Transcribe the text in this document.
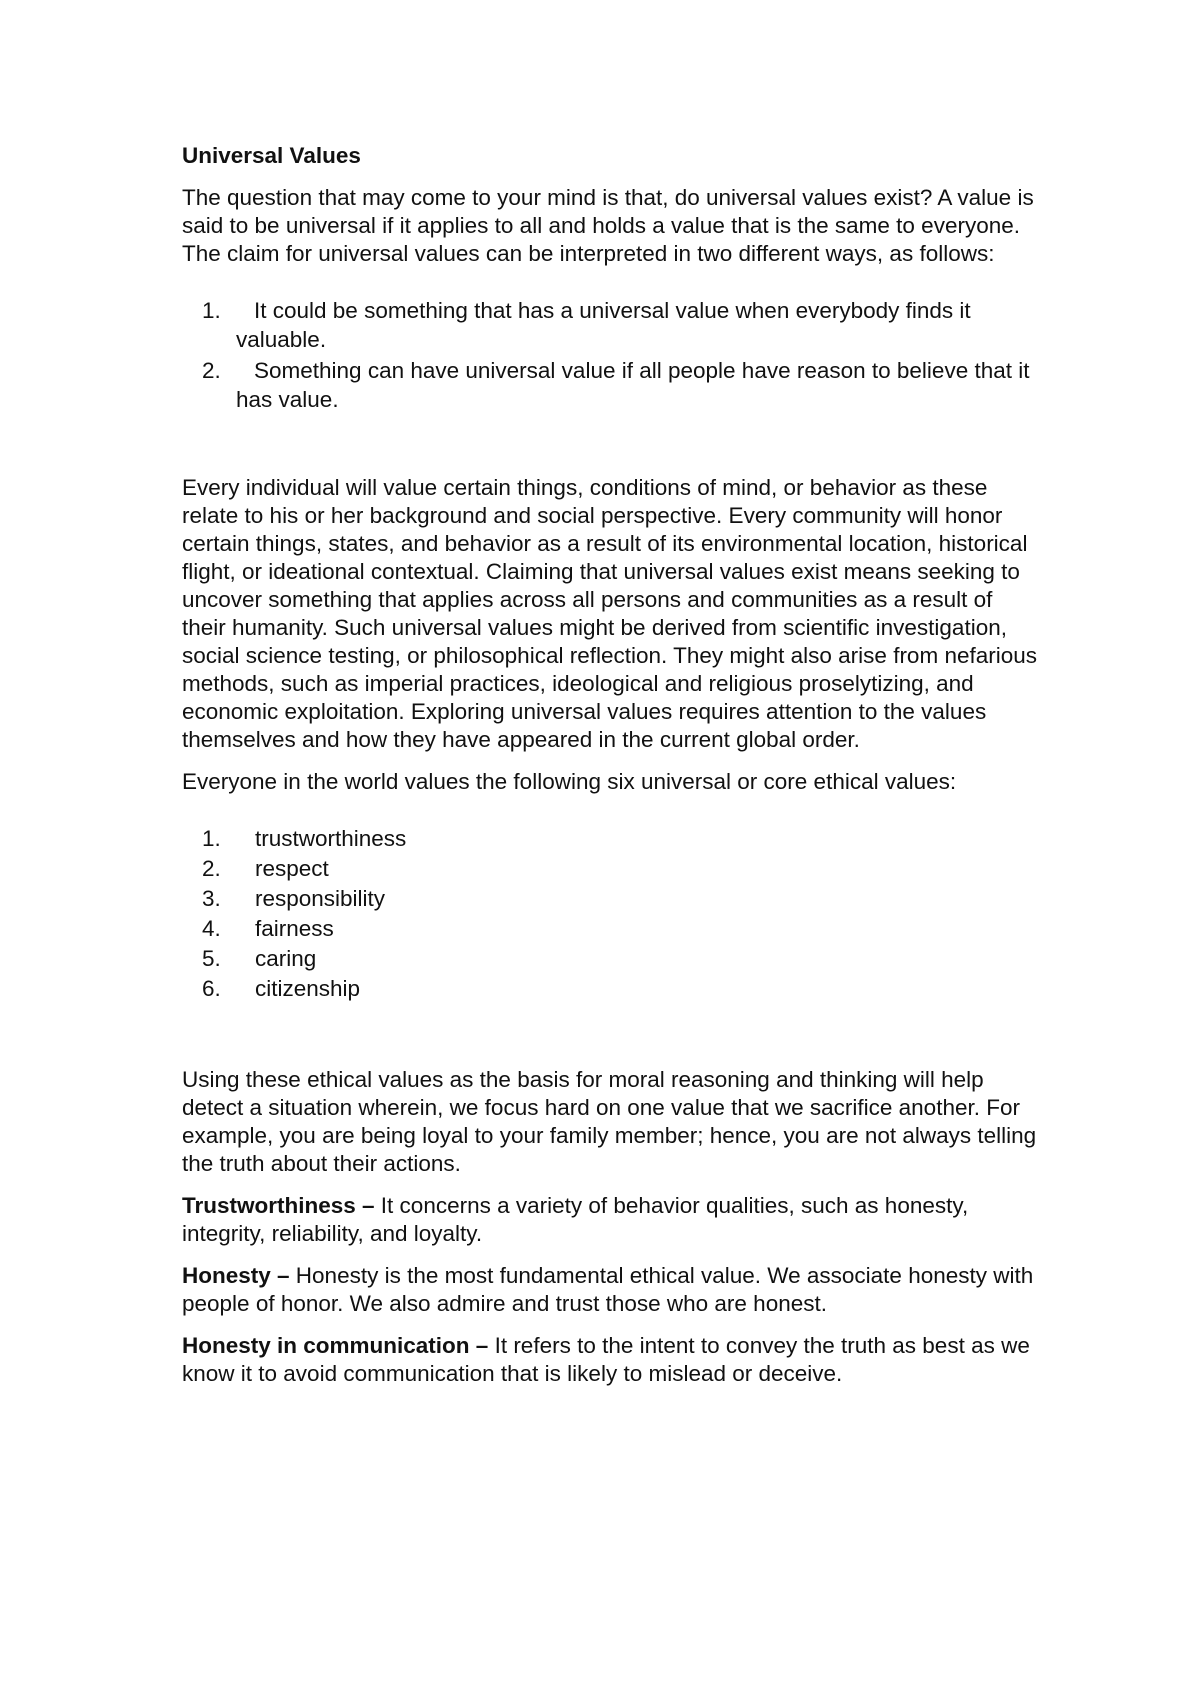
Universal Values

The question that may come to your mind is that, do universal values exist? A value is said to be universal if it applies to all and holds a value that is the same to everyone. The claim for universal values can be interpreted in two different ways, as follows:

1. It could be something that has a universal value when everybody finds it valuable.
2. Something can have universal value if all people have reason to believe that it has value.

Every individual will value certain things, conditions of mind, or behavior as these relate to his or her background and social perspective. Every community will honor certain things, states, and behavior as a result of its environmental location, historical flight, or ideational contextual. Claiming that universal values exist means seeking to uncover something that applies across all persons and communities as a result of their humanity. Such universal values might be derived from scientific investigation, social science testing, or philosophical reflection. They might also arise from nefarious methods, such as imperial practices, ideological and religious proselytizing, and economic exploitation. Exploring universal values requires attention to the values themselves and how they have appeared in the current global order.

Everyone in the world values the following six universal or core ethical values:

1. trustworthiness
2. respect
3. responsibility
4. fairness
5. caring
6. citizenship

Using these ethical values as the basis for moral reasoning and thinking will help detect a situation wherein, we focus hard on one value that we sacrifice another. For example, you are being loyal to your family member; hence, you are not always telling the truth about their actions.

Trustworthiness – It concerns a variety of behavior qualities, such as honesty, integrity, reliability, and loyalty.

Honesty – Honesty is the most fundamental ethical value. We associate honesty with people of honor. We also admire and trust those who are honest.

Honesty in communication – It refers to the intent to convey the truth as best as we know it to avoid communication that is likely to mislead or deceive.
